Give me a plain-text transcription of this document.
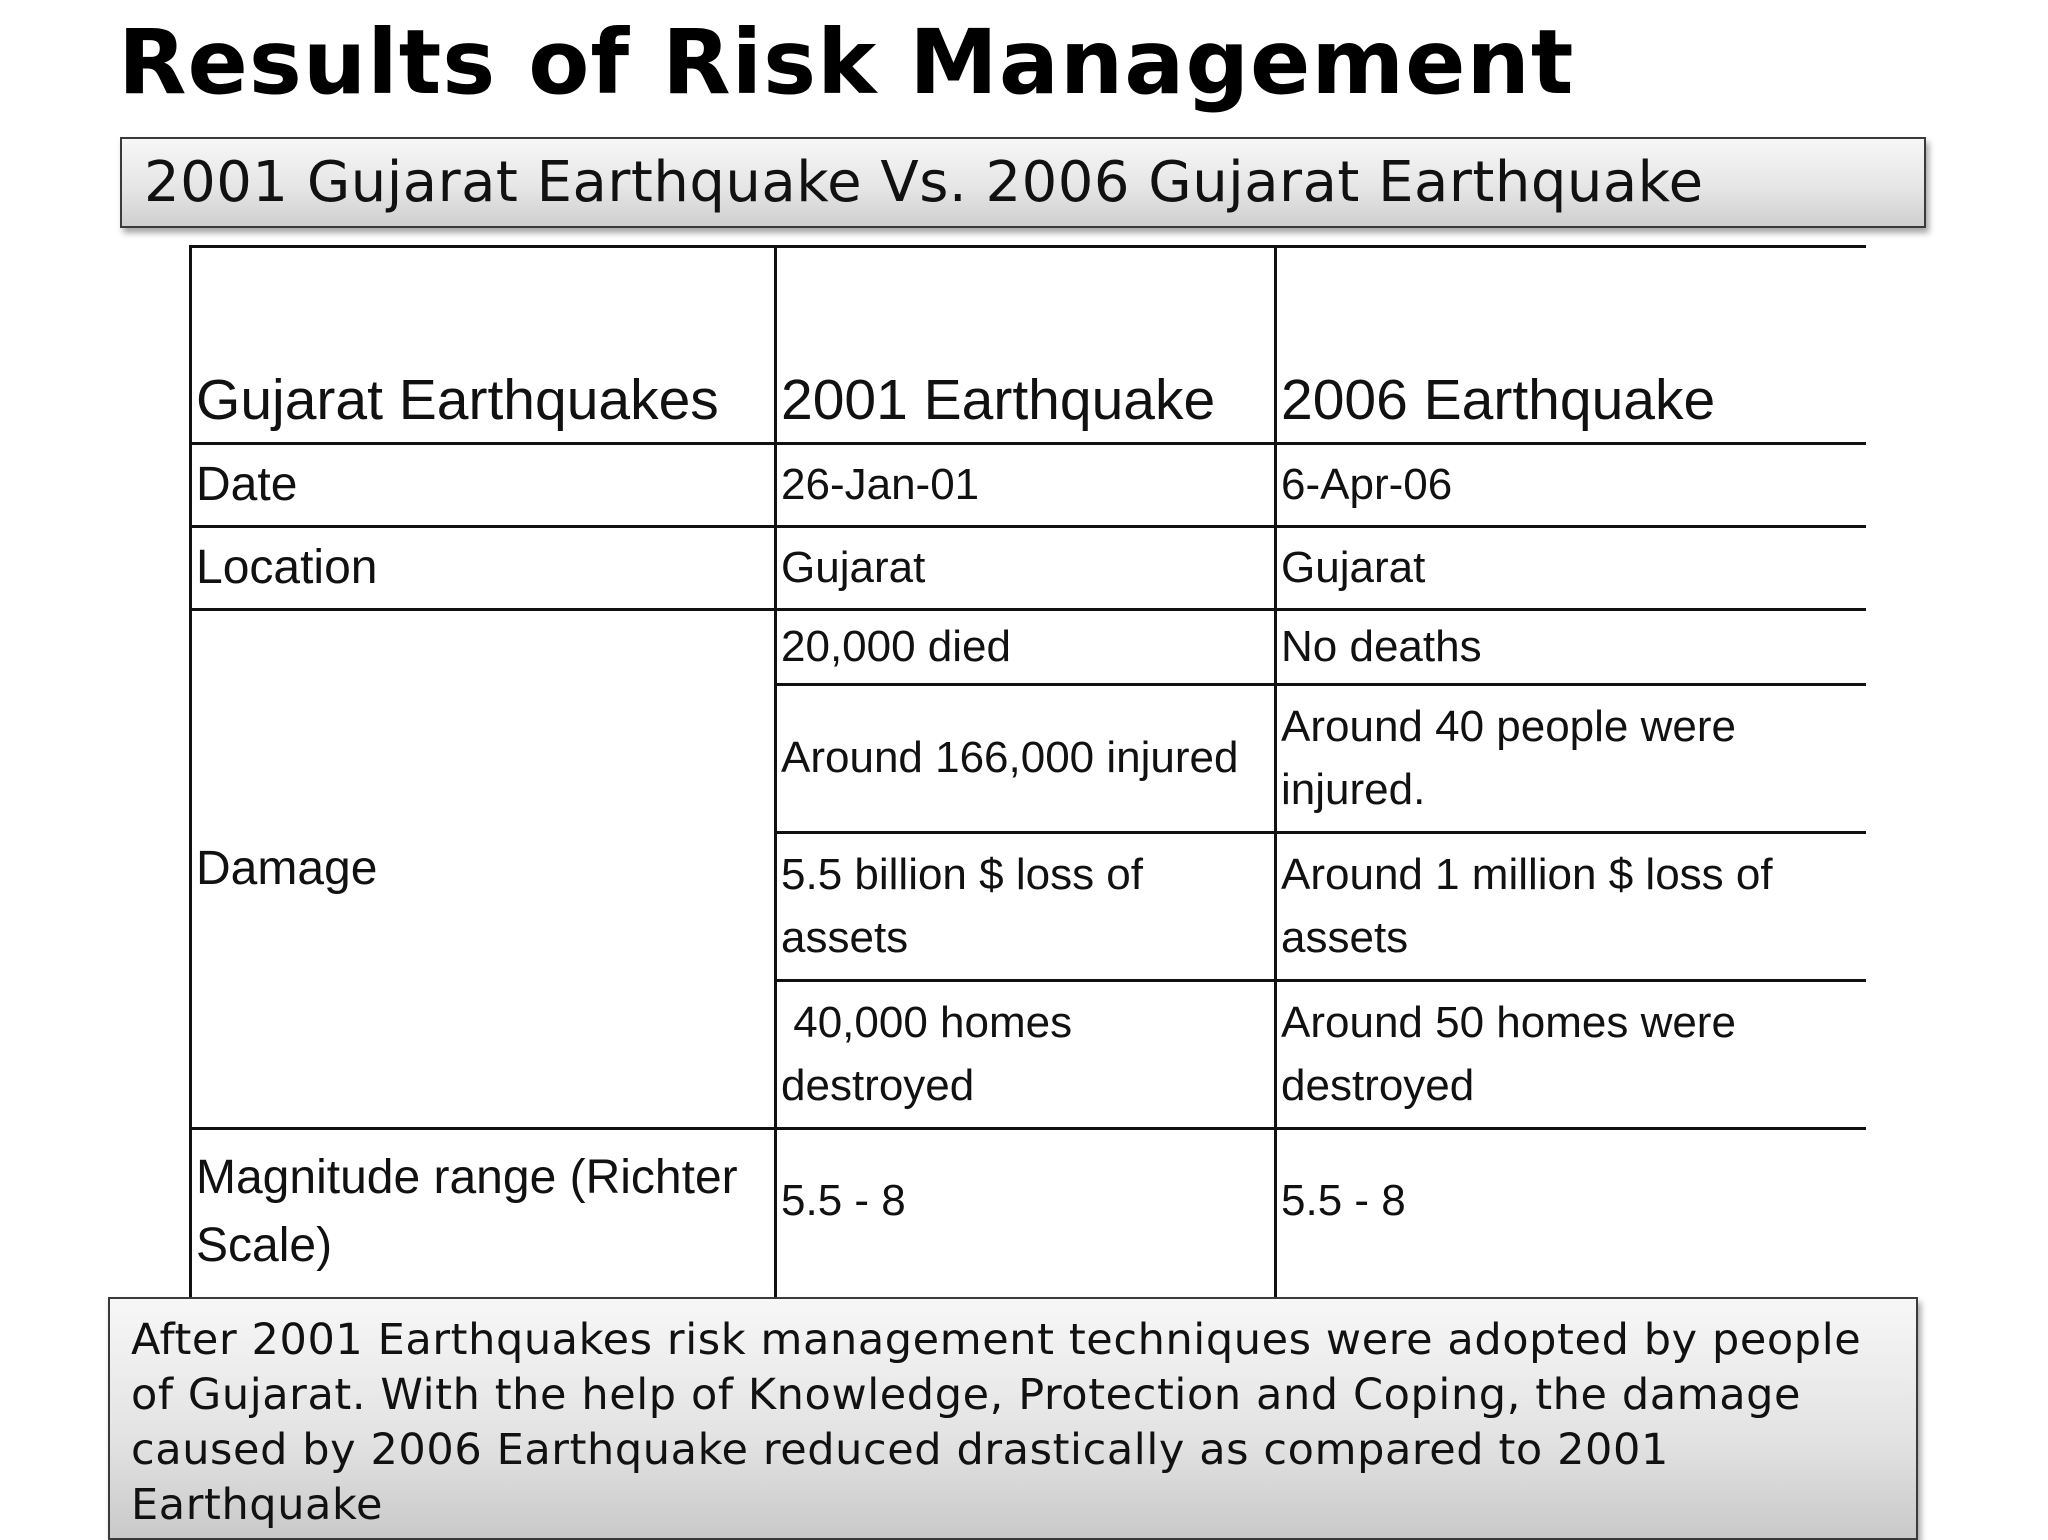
Results of Risk Management
2001 Gujarat Earthquake Vs. 2006 Gujarat Earthquake
Gujarat Earthquakes	2001 Earthquake	2006 Earthquake
Date	26-Jan-01	6-Apr-06
Location	Gujarat	Gujarat
Damage	20,000 died	No deaths
	Around 166,000 injured	Around 40 people were injured.
	5.5 billion $ loss of assets	Around 1 million $ loss of assets
	40,000 homes destroyed	Around 50 homes were destroyed
Magnitude range (Richter Scale)	5.5 - 8	5.5 - 8

After 2001 Earthquakes risk management techniques were adopted by people of Gujarat. With the help of Knowledge, Protection and Coping, the damage caused by 2006 Earthquake reduced drastically as compared to 2001 Earthquake
